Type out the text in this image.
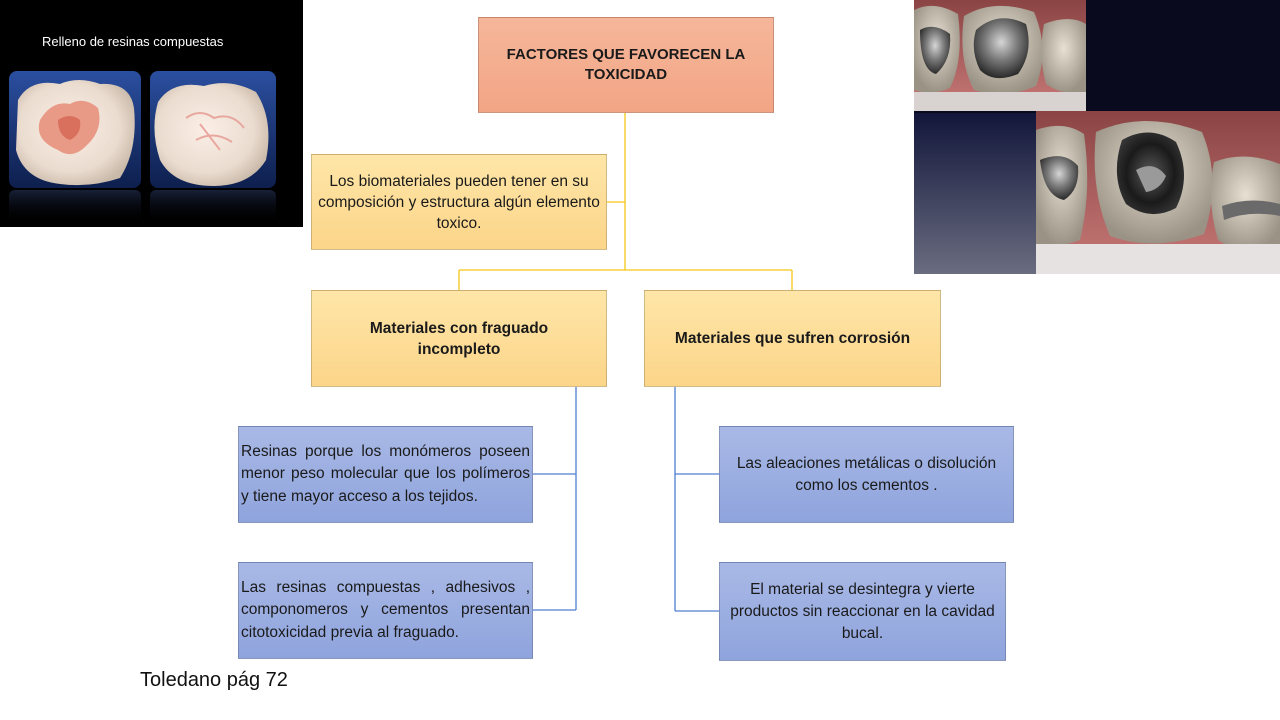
FACTORES QUE FAVORECEN LA TOXICIDAD
Los biomateriales pueden tener en su composición y estructura algún elemento toxico.
Materiales con fraguado incompleto
Materiales que sufren corrosión
Resinas porque los monómeros poseen menor peso molecular que los polímeros y tiene mayor acceso a los tejidos.
Las resinas compuestas , adhesivos , componomeros y cementos presentan citotoxicidad previa al fraguado.
Las aleaciones metálicas o disolución como los cementos .
El material se desintegra y vierte productos sin reaccionar en la cavidad bucal.
Relleno de resinas compuestas
Toledano pág 72
